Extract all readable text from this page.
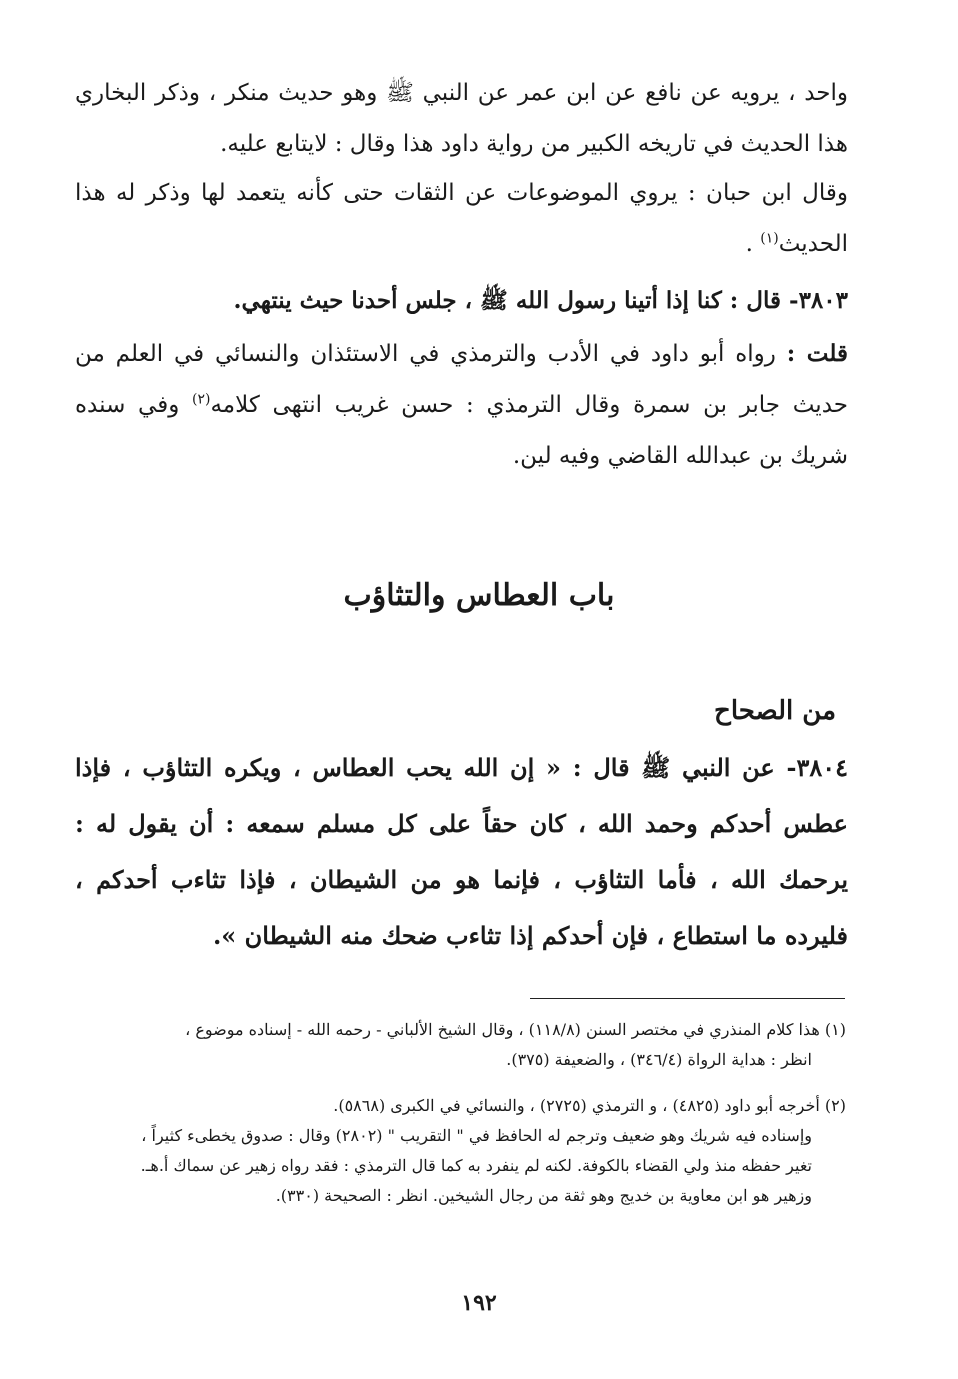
واحد ، يرويه عن نافع عن ابن عمر عن النبي ﷺ وهو حديث منكر ، وذكر البخاري هذا الحديث في تاريخه الكبير من رواية داود هذا وقال : لايتابع عليه.
وقال ابن حبان : يروي الموضوعات عن الثقات حتى كأنه يتعمد لها وذكر له هذا الحديث$^{(١)}$ .
٣٨٠٣- قال : كنا إذا أتينا رسول الله ﷺ ، جلس أحدنا حيث ينتهي.
قلت : رواه أبو داود في الأدب والترمذي في الاستئذان والنسائي في العلم من حديث جابر بن سمرة وقال الترمذي : حسن غريب انتهى كلامه$^{(٢)}$ وفي سنده شريك بن عبدالله القاضي وفيه لين.
باب العطاس والتثاؤب
من الصحاح
٣٨٠٤- عن النبي ﷺ قال : « إن الله يحب العطاس ، ويكره التثاؤب ، فإذا عطس أحدكم وحمد الله ، كان حقاً على كل مسلم سمعه : أن يقول له : يرحمك الله ، فأما التثاؤب ، فإنما هو من الشيطان ، فإذا تثاءب أحدكم ، فليرده ما استطاع ، فإن أحدكم إذا تثاءب ضحك منه الشيطان ».
(١) هذا كلام المنذري في مختصر السنن (١١٨/٨) ، وقال الشيخ الألباني - رحمه الله - إسناده موضوع ،
انظر : هداية الرواة (٣٤٦/٤) ، والضعيفة (٣٧٥).
(٢) أخرجه أبو داود (٤٨٢٥) ، و الترمذي (٢٧٢٥) ، والنسائي في الكبرى (٥٨٦٨).
وإسناده فيه شريك وهو ضعيف وترجم له الحافظ في " التقريب " (٢٨٠٢) وقال : صدوق يخطىء كثيراً ،
تغير حفظه منذ ولي القضاء بالكوفة. لكنه لم ينفرد به كما قال الترمذي : فقد رواه زهير عن سماك أ.هـ.
وزهير هو ابن معاوية بن خديج وهو ثقة من رجال الشيخين. انظر : الصحيحة (٣٣٠).
١٩٢
